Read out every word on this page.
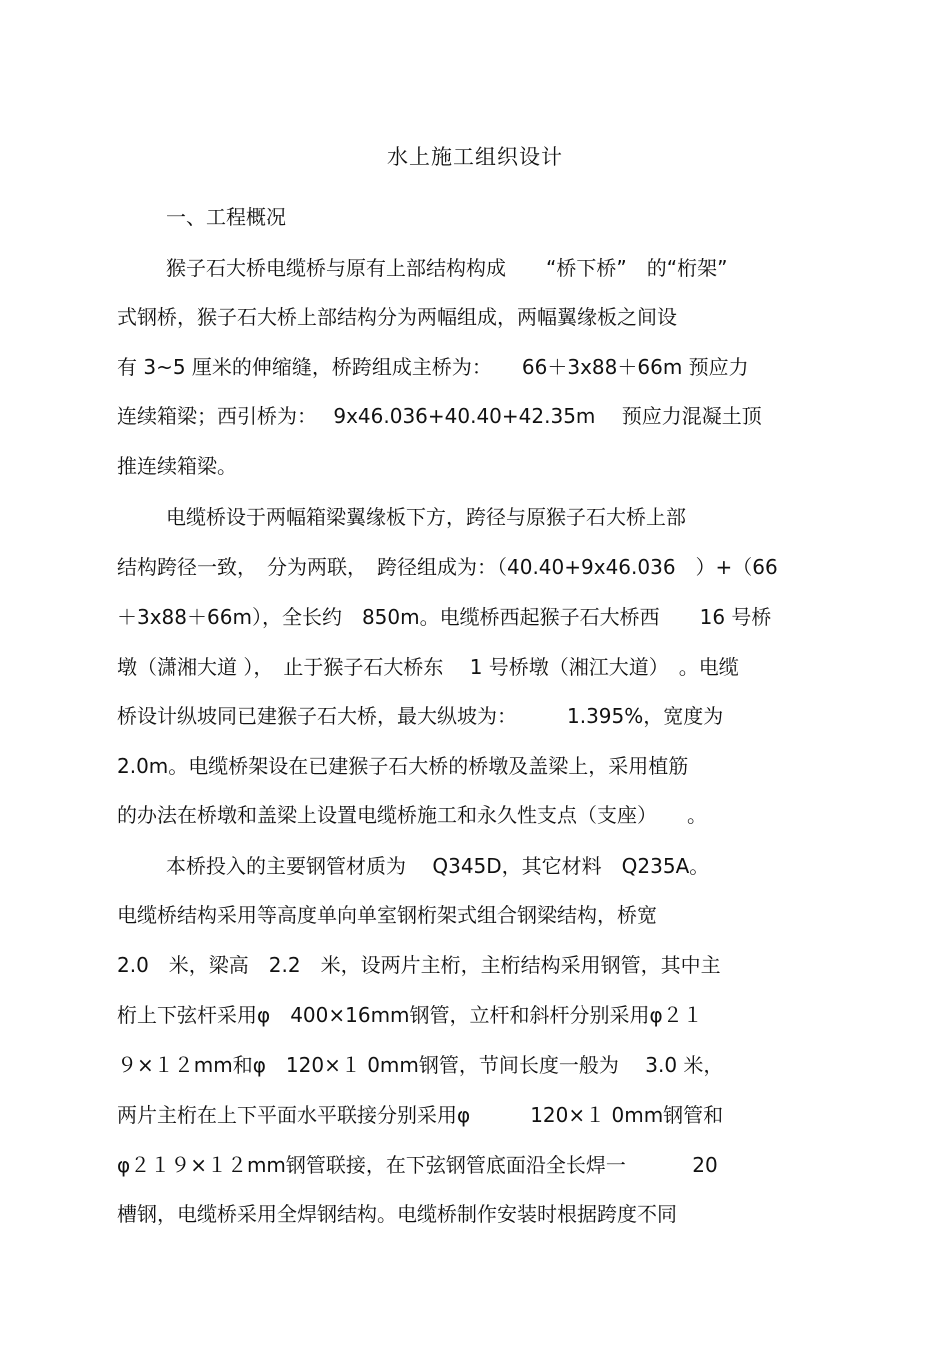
水上施工组织设计
一、工程概况
猴子石大桥电缆桥与原有上部结构构成　　“桥下桥”　的“桁架”
式钢桥，猴子石大桥上部结构分为两幅组成，两幅翼缘板之间设
有 3~5 厘米的伸缩缝，桥跨组成主桥为：　　66＋3x88＋66m 预应力
连续箱梁；西引桥为：　 9x46.036+40.40+42.35m　 预应力混凝土顶
推连续箱梁。
电缆桥设于两幅箱梁翼缘板下方，跨径与原猴子石大桥上部
结构跨径一致，　分为两联，　跨径组成为：（40.40+9x46.036　）+（66
＋3x88＋66m），全长约　850m。电缆桥西起猴子石大桥西　　16 号桥
墩（潇湘大道 ），　止于猴子石大桥东　 1 号桥墩（湘江大道）　。电缆
桥设计纵坡同已建猴子石大桥，最大纵坡为：　　　1.395%，宽度为
2.0m。电缆桥架设在已建猴子石大桥的桥墩及盖梁上，采用植筋
的办法在桥墩和盖梁上设置电缆桥施工和永久性支点（支座）　　。
本桥投入的主要钢管材质为　 Q345D，其它材料　Q235A。
电缆桥结构采用等高度单向单室钢桁架式组合钢梁结构，桥宽
2.0　米，梁高　2.2　米，设两片主桁，主桁结构采用钢管，其中主
桁上下弦杆采用φ　400×16mm钢管，立杆和斜杆分别采用φ２１
９×１２mm和φ　120×１ 0mm钢管，节间长度一般为　 3.0 米，
两片主桁在上下平面水平联接分别采用φ　　　120×１ 0mm钢管和
φ２１９×１２mm钢管联接，在下弦钢管底面沿全长焊一　　　 20
槽钢，电缆桥采用全焊钢结构。电缆桥制作安装时根据跨度不同
